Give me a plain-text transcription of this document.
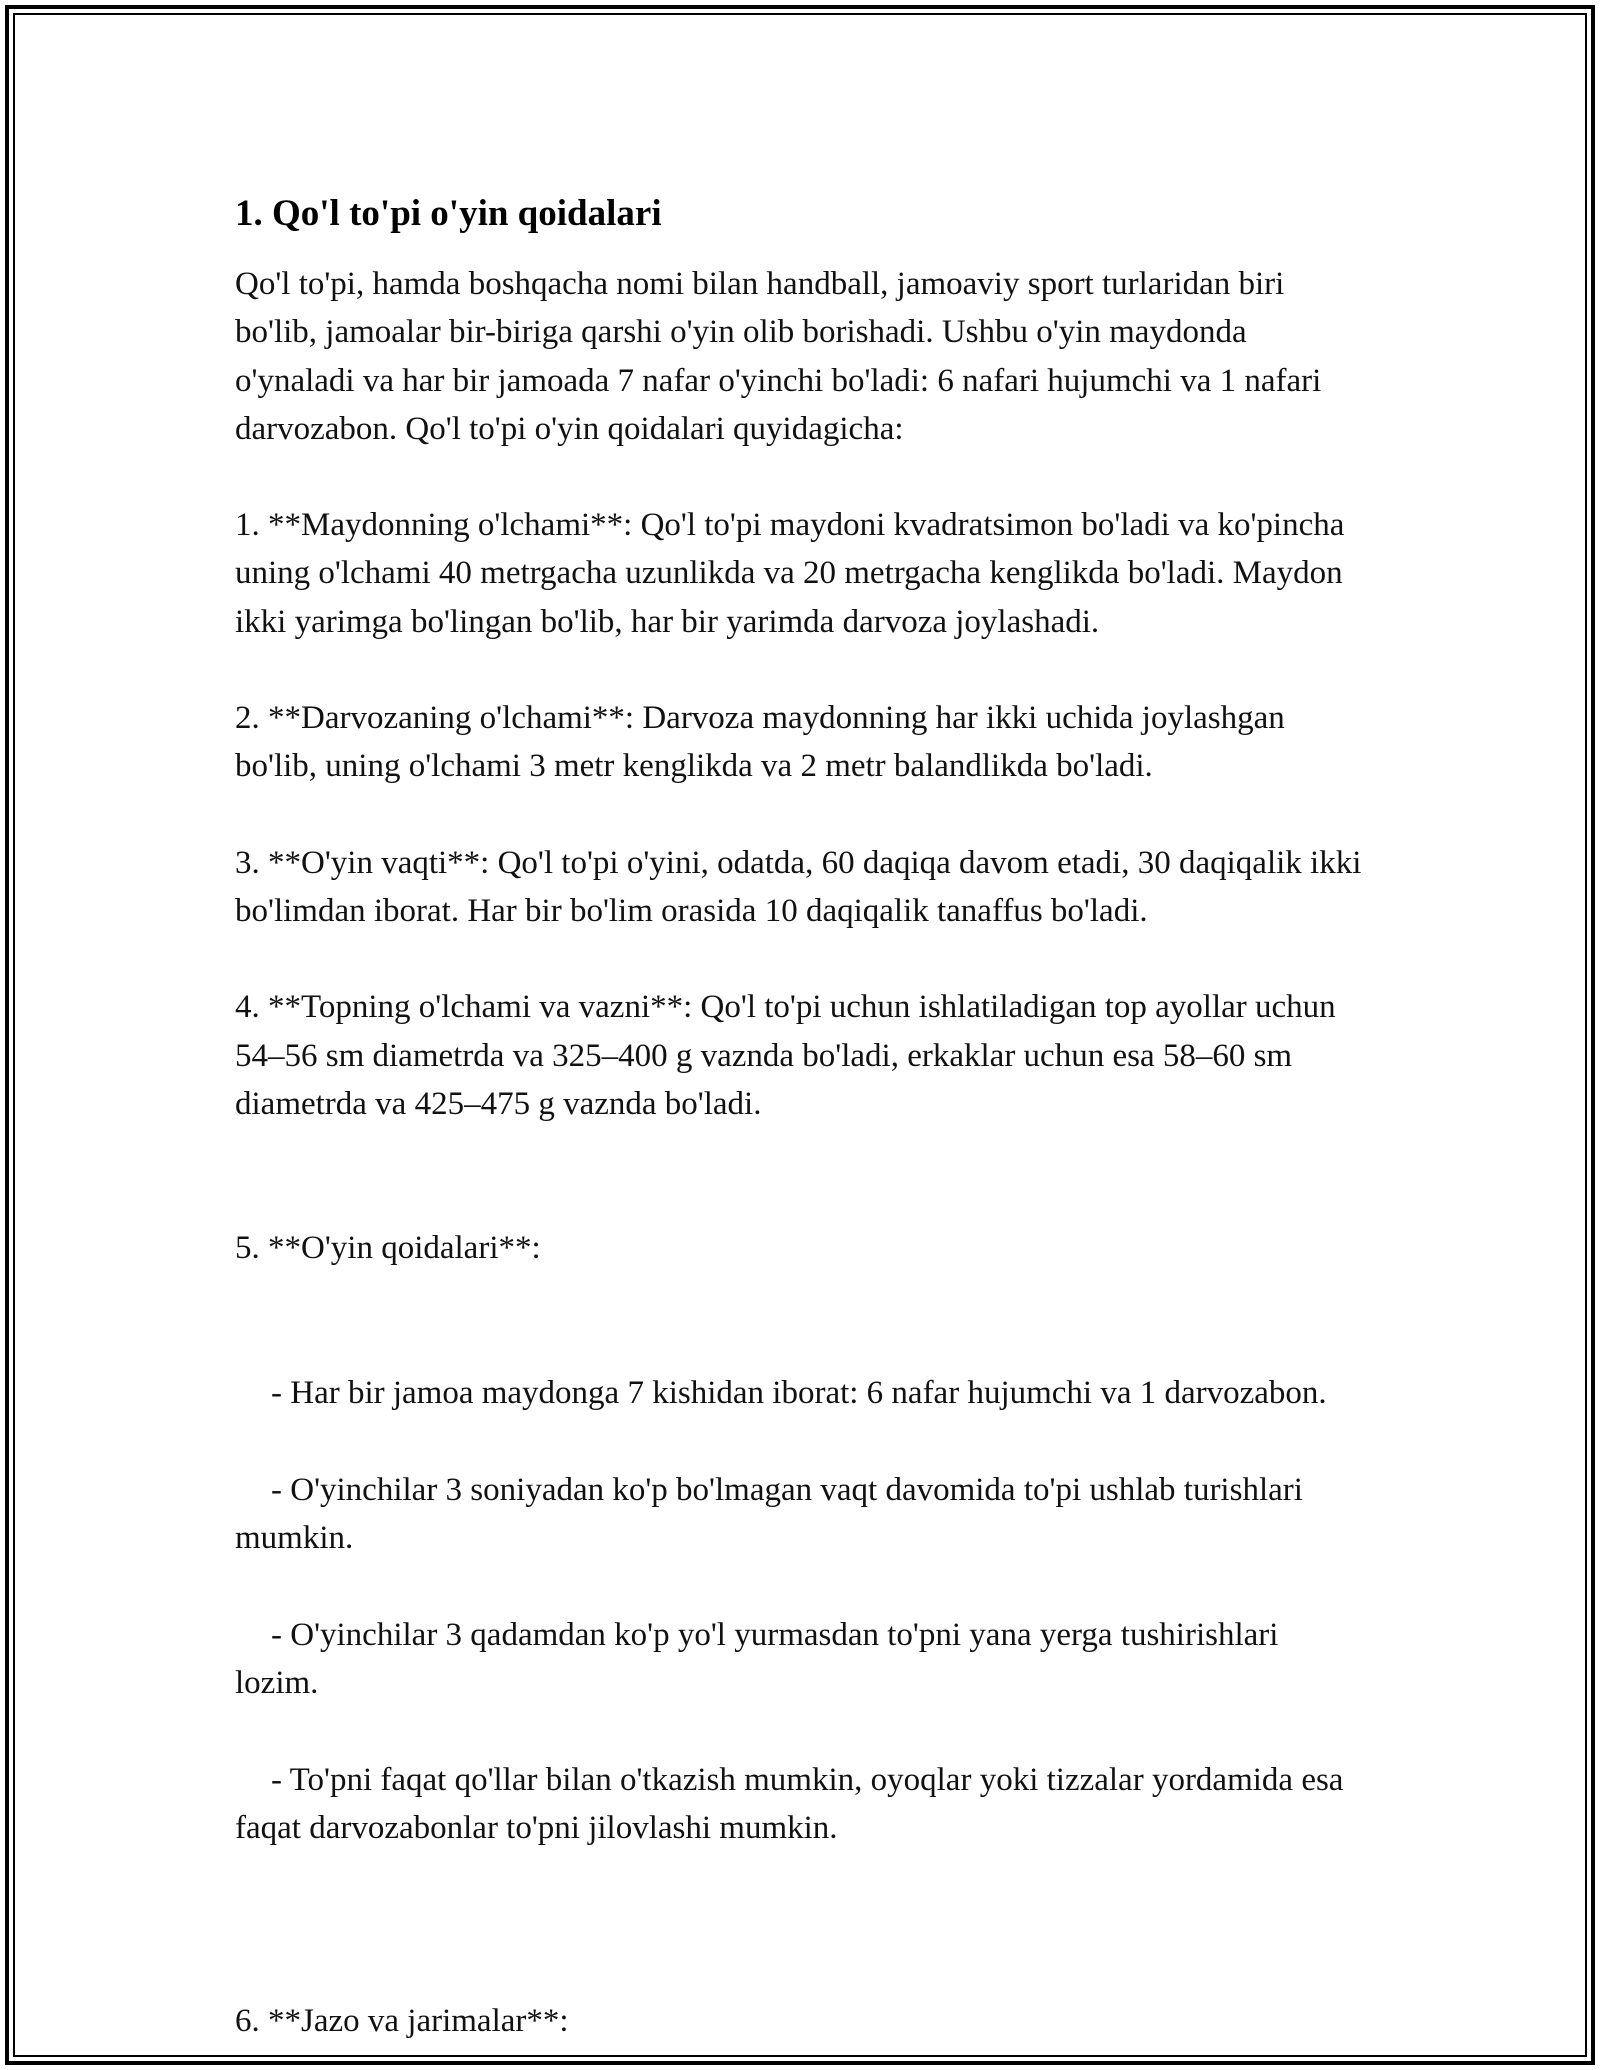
1. Qo'l to'pi o'yin qoidalari

Qo'l to'pi, hamda boshqacha nomi bilan handball, jamoaviy sport turlaridan biri bo'lib, jamoalar bir-biriga qarshi o'yin olib borishadi. Ushbu o'yin maydonda o'ynaladi va har bir jamoada 7 nafar o'yinchi bo'ladi: 6 nafari hujumchi va 1 nafari darvozabon. Qo'l to'pi o'yin qoidalari quyidagicha:

1. **Maydonning o'lchami**: Qo'l to'pi maydoni kvadratsimon bo'ladi va ko'pincha uning o'lchami 40 metrgacha uzunlikda va 20 metrgacha kenglikda bo'ladi. Maydon ikki yarimga bo'lingan bo'lib, har bir yarimda darvoza joylashadi.

2. **Darvozaning o'lchami**: Darvoza maydonning har ikki uchida joylashgan bo'lib, uning o'lchami 3 metr kenglikda va 2 metr balandlikda bo'ladi.

3. **O'yin vaqti**: Qo'l to'pi o'yini, odatda, 60 daqiqa davom etadi, 30 daqiqalik ikki bo'limdan iborat. Har bir bo'lim orasida 10 daqiqalik tanaffus bo'ladi.

4. **Topning o'lchami va vazni**: Qo'l to'pi uchun ishlatiladigan top ayollar uchun 54–56 sm diametrda va 325–400 g vaznda bo'ladi, erkaklar uchun esa 58–60 sm diametrda va 425–475 g vaznda bo'ladi.

5. **O'yin qoidalari**:

- Har bir jamoa maydonga 7 kishidan iborat: 6 nafar hujumchi va 1 darvozabon.

- O'yinchilar 3 soniyadan ko'p bo'lmagan vaqt davomida to'pi ushlab turishlari mumkin.

- O'yinchilar 3 qadamdan ko'p yo'l yurmasdan to'pni yana yerga tushirishlari lozim.

- To'pni faqat qo'llar bilan o'tkazish mumkin, oyoqlar yoki tizzalar yordamida esa faqat darvozabonlar to'pni jilovlashi mumkin.

6. **Jazo va jarimalar**:
